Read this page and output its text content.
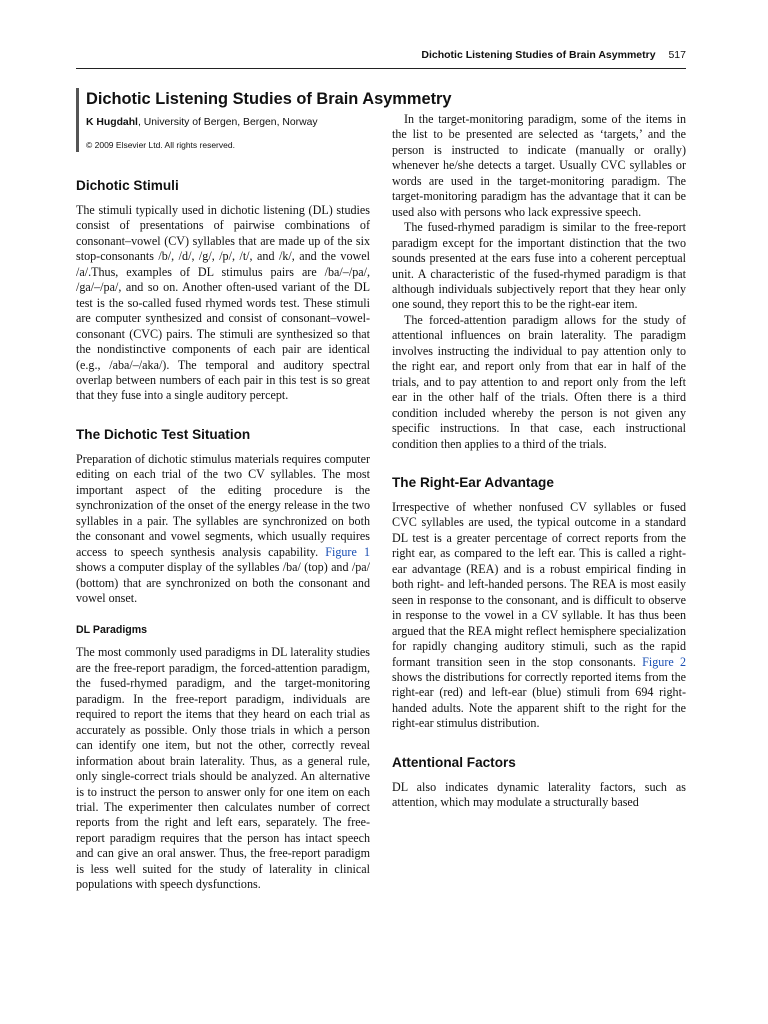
Dichotic Listening Studies of Brain Asymmetry 517
Dichotic Listening Studies of Brain Asymmetry

K Hugdahl, University of Bergen, Bergen, Norway

© 2009 Elsevier Ltd. All rights reserved.

Dichotic Stimuli

The stimuli typically used in dichotic listening (DL) studies consist of presentations of pairwise combinations of consonant–vowel (CV) syllables that are made up of the six stop-consonants /b/, /d/, /g/, /p/, /t/, and /k/, and the vowel /a/.Thus, examples of DL stimulus pairs are /ba/–/pa/, /ga/–/pa/, and so on. Another often-used variant of the DL test is the so-called fused rhymed words test. These stimuli are computer synthesized and consist of consonant–vowel-consonant (CVC) pairs. The stimuli are synthesized so that the nondistinctive components of each pair are identical (e.g., /aba/–/aka/). The temporal and auditory spectral overlap between numbers of each pair in this test is so great that they fuse into a single auditory percept.

The Dichotic Test Situation

Preparation of dichotic stimulus materials requires computer editing on each trial of the two CV syllables. The most important aspect of the editing procedure is the synchronization of the onset of the energy release in the two syllables in a pair. The syllables are synchronized on both the consonant and vowel segments, which usually requires access to speech synthesis analysis capability. Figure 1 shows a computer display of the syllables /ba/ (top) and /pa/ (bottom) that are synchronized on both the consonant and vowel onset.

DL Paradigms

The most commonly used paradigms in DL laterality studies are the free-report paradigm, the forced-attention paradigm, the fused-rhymed paradigm, and the target-monitoring paradigm. In the free-report paradigm, individuals are required to report the items that they heard on each trial as accurately as possible. Only those trials in which a person can identify one item, but not the other, correctly reveal information about brain laterality. Thus, as a general rule, only single-correct trials should be analyzed. An alternative is to instruct the person to answer only for one item on each trial. The experimenter then calculates number of correct reports from the right and left ears, separately. The free-report paradigm requires that the person has intact speech and can give an oral answer. Thus, the free-report paradigm is less well suited for the study of laterality in clinical populations with speech dysfunctions.

In the target-monitoring paradigm, some of the items in the list to be presented are selected as ‘targets,’ and the person is instructed to indicate (manually or orally) whenever he/she detects a target. Usually CVC syllables or words are used in the target-monitoring paradigm. The target-monitoring paradigm has the advantage that it can be used also with persons who lack expressive speech.

The fused-rhymed paradigm is similar to the free-report paradigm except for the important distinction that the two sounds presented at the ears fuse into a coherent perceptual unit. A characteristic of the fused-rhymed paradigm is that although individuals subjectively report that they hear only one sound, they report this to be the right-ear item.

The forced-attention paradigm allows for the study of attentional influences on brain laterality. The paradigm involves instructing the individual to pay attention only to the right ear, and report only from that ear in half of the trials, and to pay attention to and report only from the left ear in the other half of the trials. Often there is a third condition included whereby the person is not given any specific instructions. In that case, each instructional condition then applies to a third of the trials.

The Right-Ear Advantage

Irrespective of whether nonfused CV syllables or fused CVC syllables are used, the typical outcome in a standard DL test is a greater percentage of correct reports from the right ear, as compared to the left ear. This is called a right-ear advantage (REA) and is a robust empirical finding in both right- and left-handed persons. The REA is most easily seen in response to the consonant, and is difficult to observe in response to the vowel in a CV syllable. It has thus been argued that the REA might reflect hemisphere specialization for rapidly changing auditory stimuli, such as the rapid formant transition seen in the stop consonants. Figure 2 shows the distributions for correctly reported items from the right-ear (red) and left-ear (blue) stimuli from 694 right-handed adults. Note the apparent shift to the right for the right-ear stimulus distribution.

Attentional Factors

DL also indicates dynamic laterality factors, such as attention, which may modulate a structurally based
